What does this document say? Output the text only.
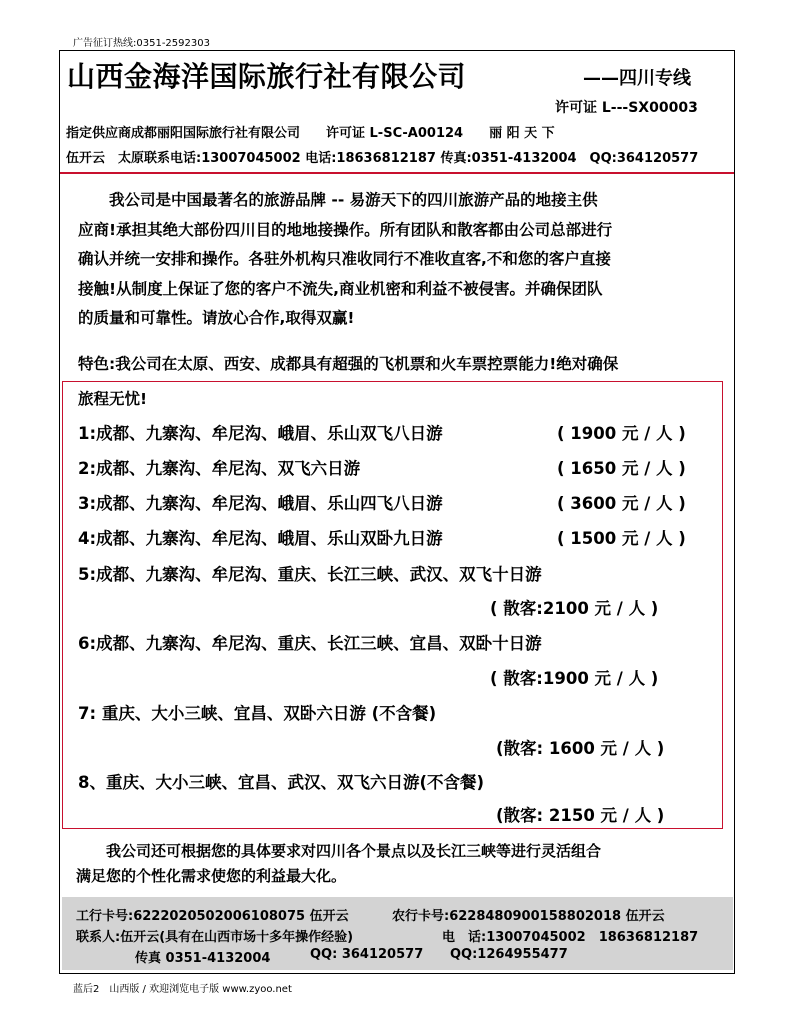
广告征订热线:0351-2592303
山西金海洋国际旅行社有限公司	——四川专线
许可证 L---SX00003
指定供应商成都丽阳国际旅行社有限公司　　许可证 L-SC-A00124　　丽 阳 天 下
伍开云　太原联系电话:13007045002 电话:18636812187 传真:0351-4132004　QQ:364120577

　　我公司是中国最著名的旅游品牌 -- 易游天下的四川旅游产品的地接主供

应商!承担其绝大部份四川目的地地接操作。所有团队和散客都由公司总部进行

确认并统一安排和操作。各驻外机构只准收同行不准收直客,不和您的客户直接

接触!从制度上保证了您的客户不流失,商业机密和利益不被侵害。并确保团队

的质量和可靠性。请放心合作,取得双赢!

特色:我公司在太原、西安、成都具有超强的飞机票和火车票控票能力!绝对确保
旅程无忧!
1:成都、九寨沟、牟尼沟、峨眉、乐山双飞八日游	( 1900 元 / 人 )
2:成都、九寨沟、牟尼沟、双飞六日游	( 1650 元 / 人 )
3:成都、九寨沟、牟尼沟、峨眉、乐山四飞八日游	( 3600 元 / 人 )
4:成都、九寨沟、牟尼沟、峨眉、乐山双卧九日游	( 1500 元 / 人 )
5:成都、九寨沟、牟尼沟、重庆、长江三峡、武汉、双飞十日游
( 散客:2100 元 / 人 )
6:成都、九寨沟、牟尼沟、重庆、长江三峡、宜昌、双卧十日游
( 散客:1900 元 / 人 )
7: 重庆、大小三峡、宜昌、双卧六日游 (不含餐)
(散客: 1600 元 / 人 )
8、重庆、大小三峡、宜昌、武汉、双飞六日游(不含餐)
(散客: 2150 元 / 人 )

　　我公司还可根据您的具体要求对四川各个景点以及长江三峡等进行灵活组合

满足您的个性化需求使您的利益最大化。

工行卡号:6222020502006108075 伍开云	农行卡号:6228480900158802018 伍开云
联系人:伍开云(具有在山西市场十多年操作经验)	电　话:13007045002　18636812187
传真 0351-4132004	QQ: 364120577 QQ:1264955477
蓝后2　山西版 / 欢迎浏览电子版 www.zyoo.net
